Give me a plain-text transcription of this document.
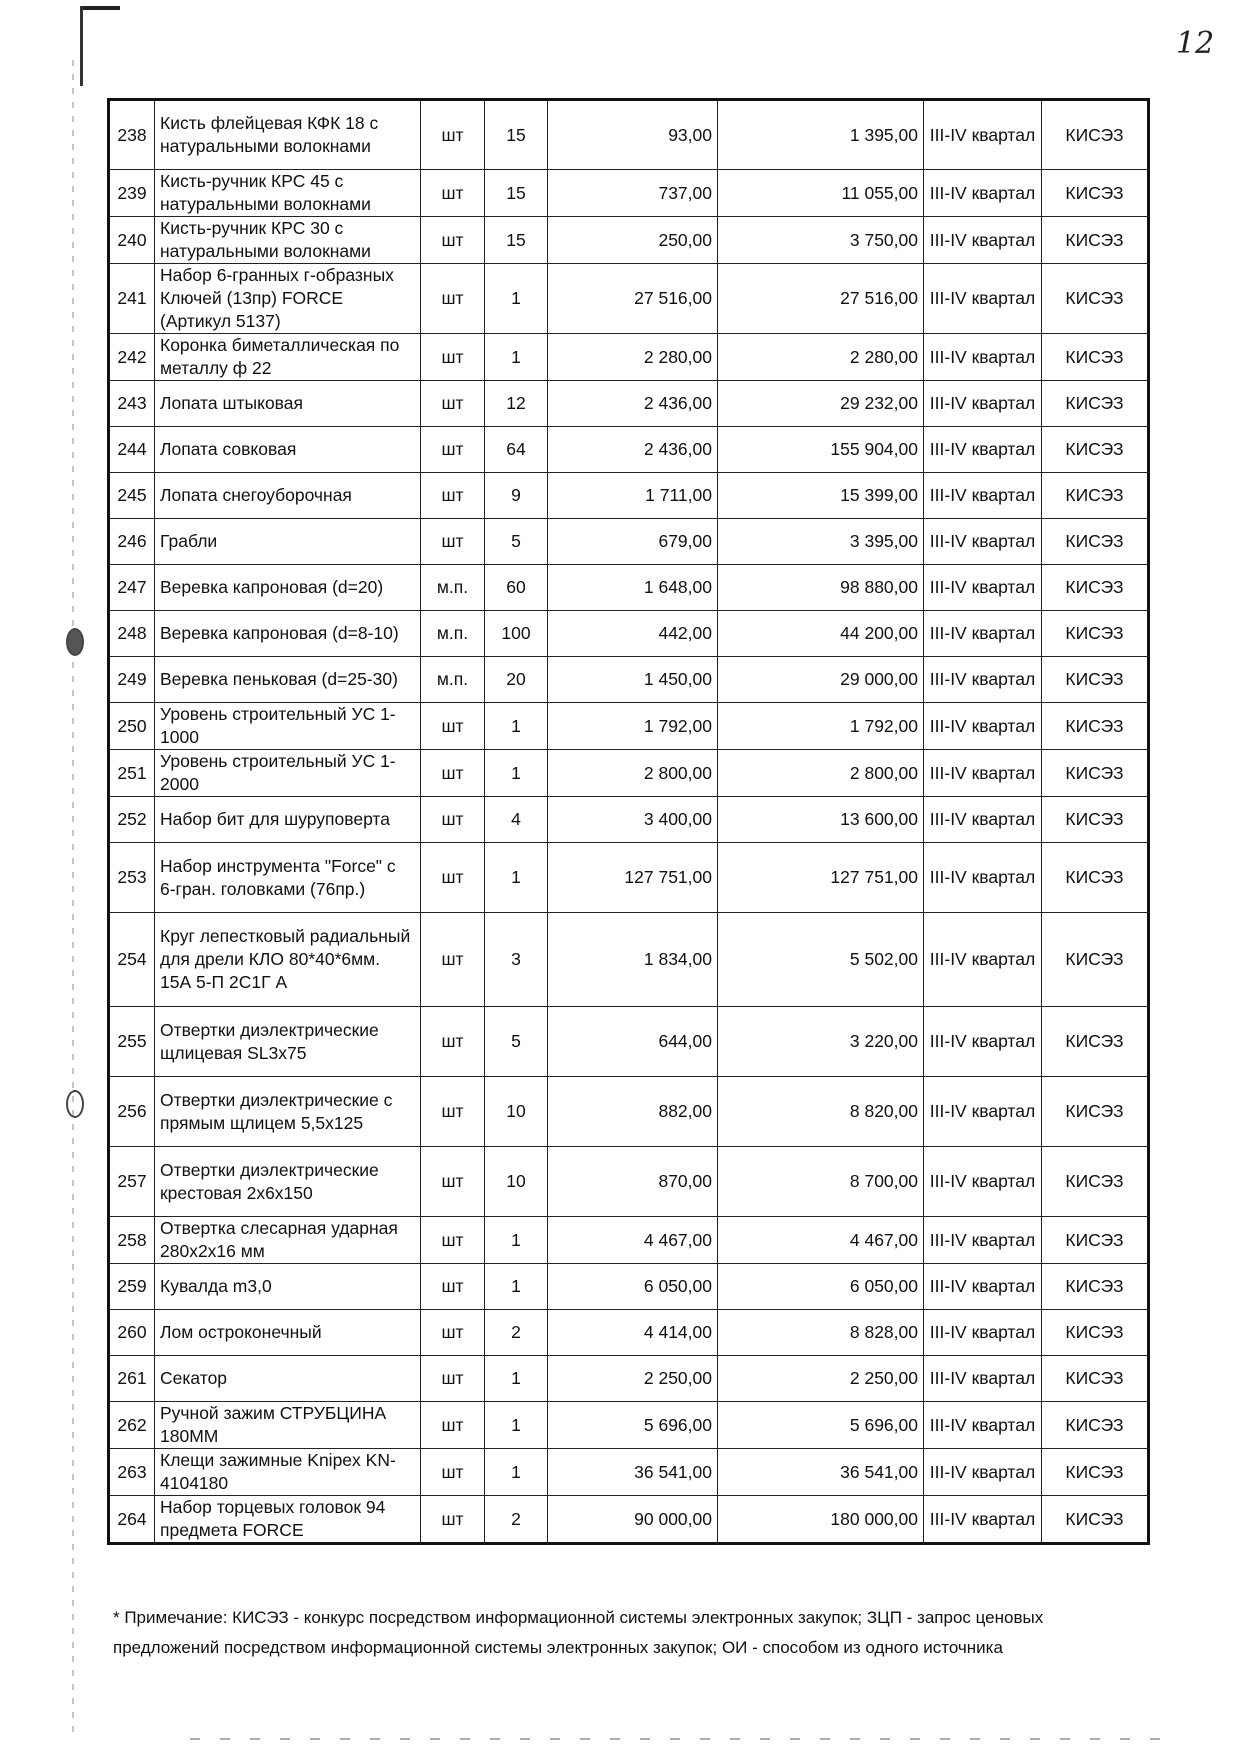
12
238	Кисть флейцевая КФК 18 с натуральными волокнами	шт	15	93,00	1 395,00	III-IV квартал	КИСЭЗ
239	Кисть-ручник КРС 45 с натуральными волокнами	шт	15	737,00	11 055,00	III-IV квартал	КИСЭЗ
240	Кисть-ручник КРС 30 с натуральными волокнами	шт	15	250,00	3 750,00	III-IV квартал	КИСЭЗ
241	Набор 6-гранных г-образных Ключей (13пр) FORCE (Артикул 5137)	шт	1	27 516,00	27 516,00	III-IV квартал	КИСЭЗ
242	Коронка биметаллическая по металлу ф 22	шт	1	2 280,00	2 280,00	III-IV квартал	КИСЭЗ
243	Лопата штыковая	шт	12	2 436,00	29 232,00	III-IV квартал	КИСЭЗ
244	Лопата совковая	шт	64	2 436,00	155 904,00	III-IV квартал	КИСЭЗ
245	Лопата снегоуборочная	шт	9	1 711,00	15 399,00	III-IV квартал	КИСЭЗ
246	Грабли	шт	5	679,00	3 395,00	III-IV квартал	КИСЭЗ
247	Веревка капроновая (d=20)	м.п.	60	1 648,00	98 880,00	III-IV квартал	КИСЭЗ
248	Веревка капроновая (d=8-10)	м.п.	100	442,00	44 200,00	III-IV квартал	КИСЭЗ
249	Веревка пеньковая (d=25-30)	м.п.	20	1 450,00	29 000,00	III-IV квартал	КИСЭЗ
250	Уровень строительный УС 1-1000	шт	1	1 792,00	1 792,00	III-IV квартал	КИСЭЗ
251	Уровень строительный УС 1-2000	шт	1	2 800,00	2 800,00	III-IV квартал	КИСЭЗ
252	Набор бит для шуруповерта	шт	4	3 400,00	13 600,00	III-IV квартал	КИСЭЗ
253	Набор инструмента "Force" с 6-гран. головками (76пр.)	шт	1	127 751,00	127 751,00	III-IV квартал	КИСЭЗ
254	Круг лепестковый радиальный для дрели КЛО 80*40*6мм. 15А 5-П 2С1Г А	шт	3	1 834,00	5 502,00	III-IV квартал	КИСЭЗ
255	Отвертки диэлектрические щлицевая SL3x75	шт	5	644,00	3 220,00	III-IV квартал	КИСЭЗ
256	Отвертки диэлектрические с прямым щлицем 5,5x125	шт	10	882,00	8 820,00	III-IV квартал	КИСЭЗ
257	Отвертки диэлектрические крестовая 2x6x150	шт	10	870,00	8 700,00	III-IV квартал	КИСЭЗ
258	Отвертка слесарная ударная 280x2x16 мм	шт	1	4 467,00	4 467,00	III-IV квартал	КИСЭЗ
259	Кувалда m3,0	шт	1	6 050,00	6 050,00	III-IV квартал	КИСЭЗ
260	Лом остроконечный	шт	2	4 414,00	8 828,00	III-IV квартал	КИСЭЗ
261	Секатор	шт	1	2 250,00	2 250,00	III-IV квартал	КИСЭЗ
262	Ручной зажим СТРУБЦИНА 180ММ	шт	1	5 696,00	5 696,00	III-IV квартал	КИСЭЗ
263	Клещи зажимные Knipex KN-4104180	шт	1	36 541,00	36 541,00	III-IV квартал	КИСЭЗ
264	Набор торцевых головок 94 предмета FORCE	шт	2	90 000,00	180 000,00	III-IV квартал	КИСЭЗ
* Примечание: КИСЭЗ - конкурс посредством информационной системы электронных закупок; ЗЦП - запрос ценовых предложений посредством информационной системы электронных закупок; ОИ - способом из одного источника
